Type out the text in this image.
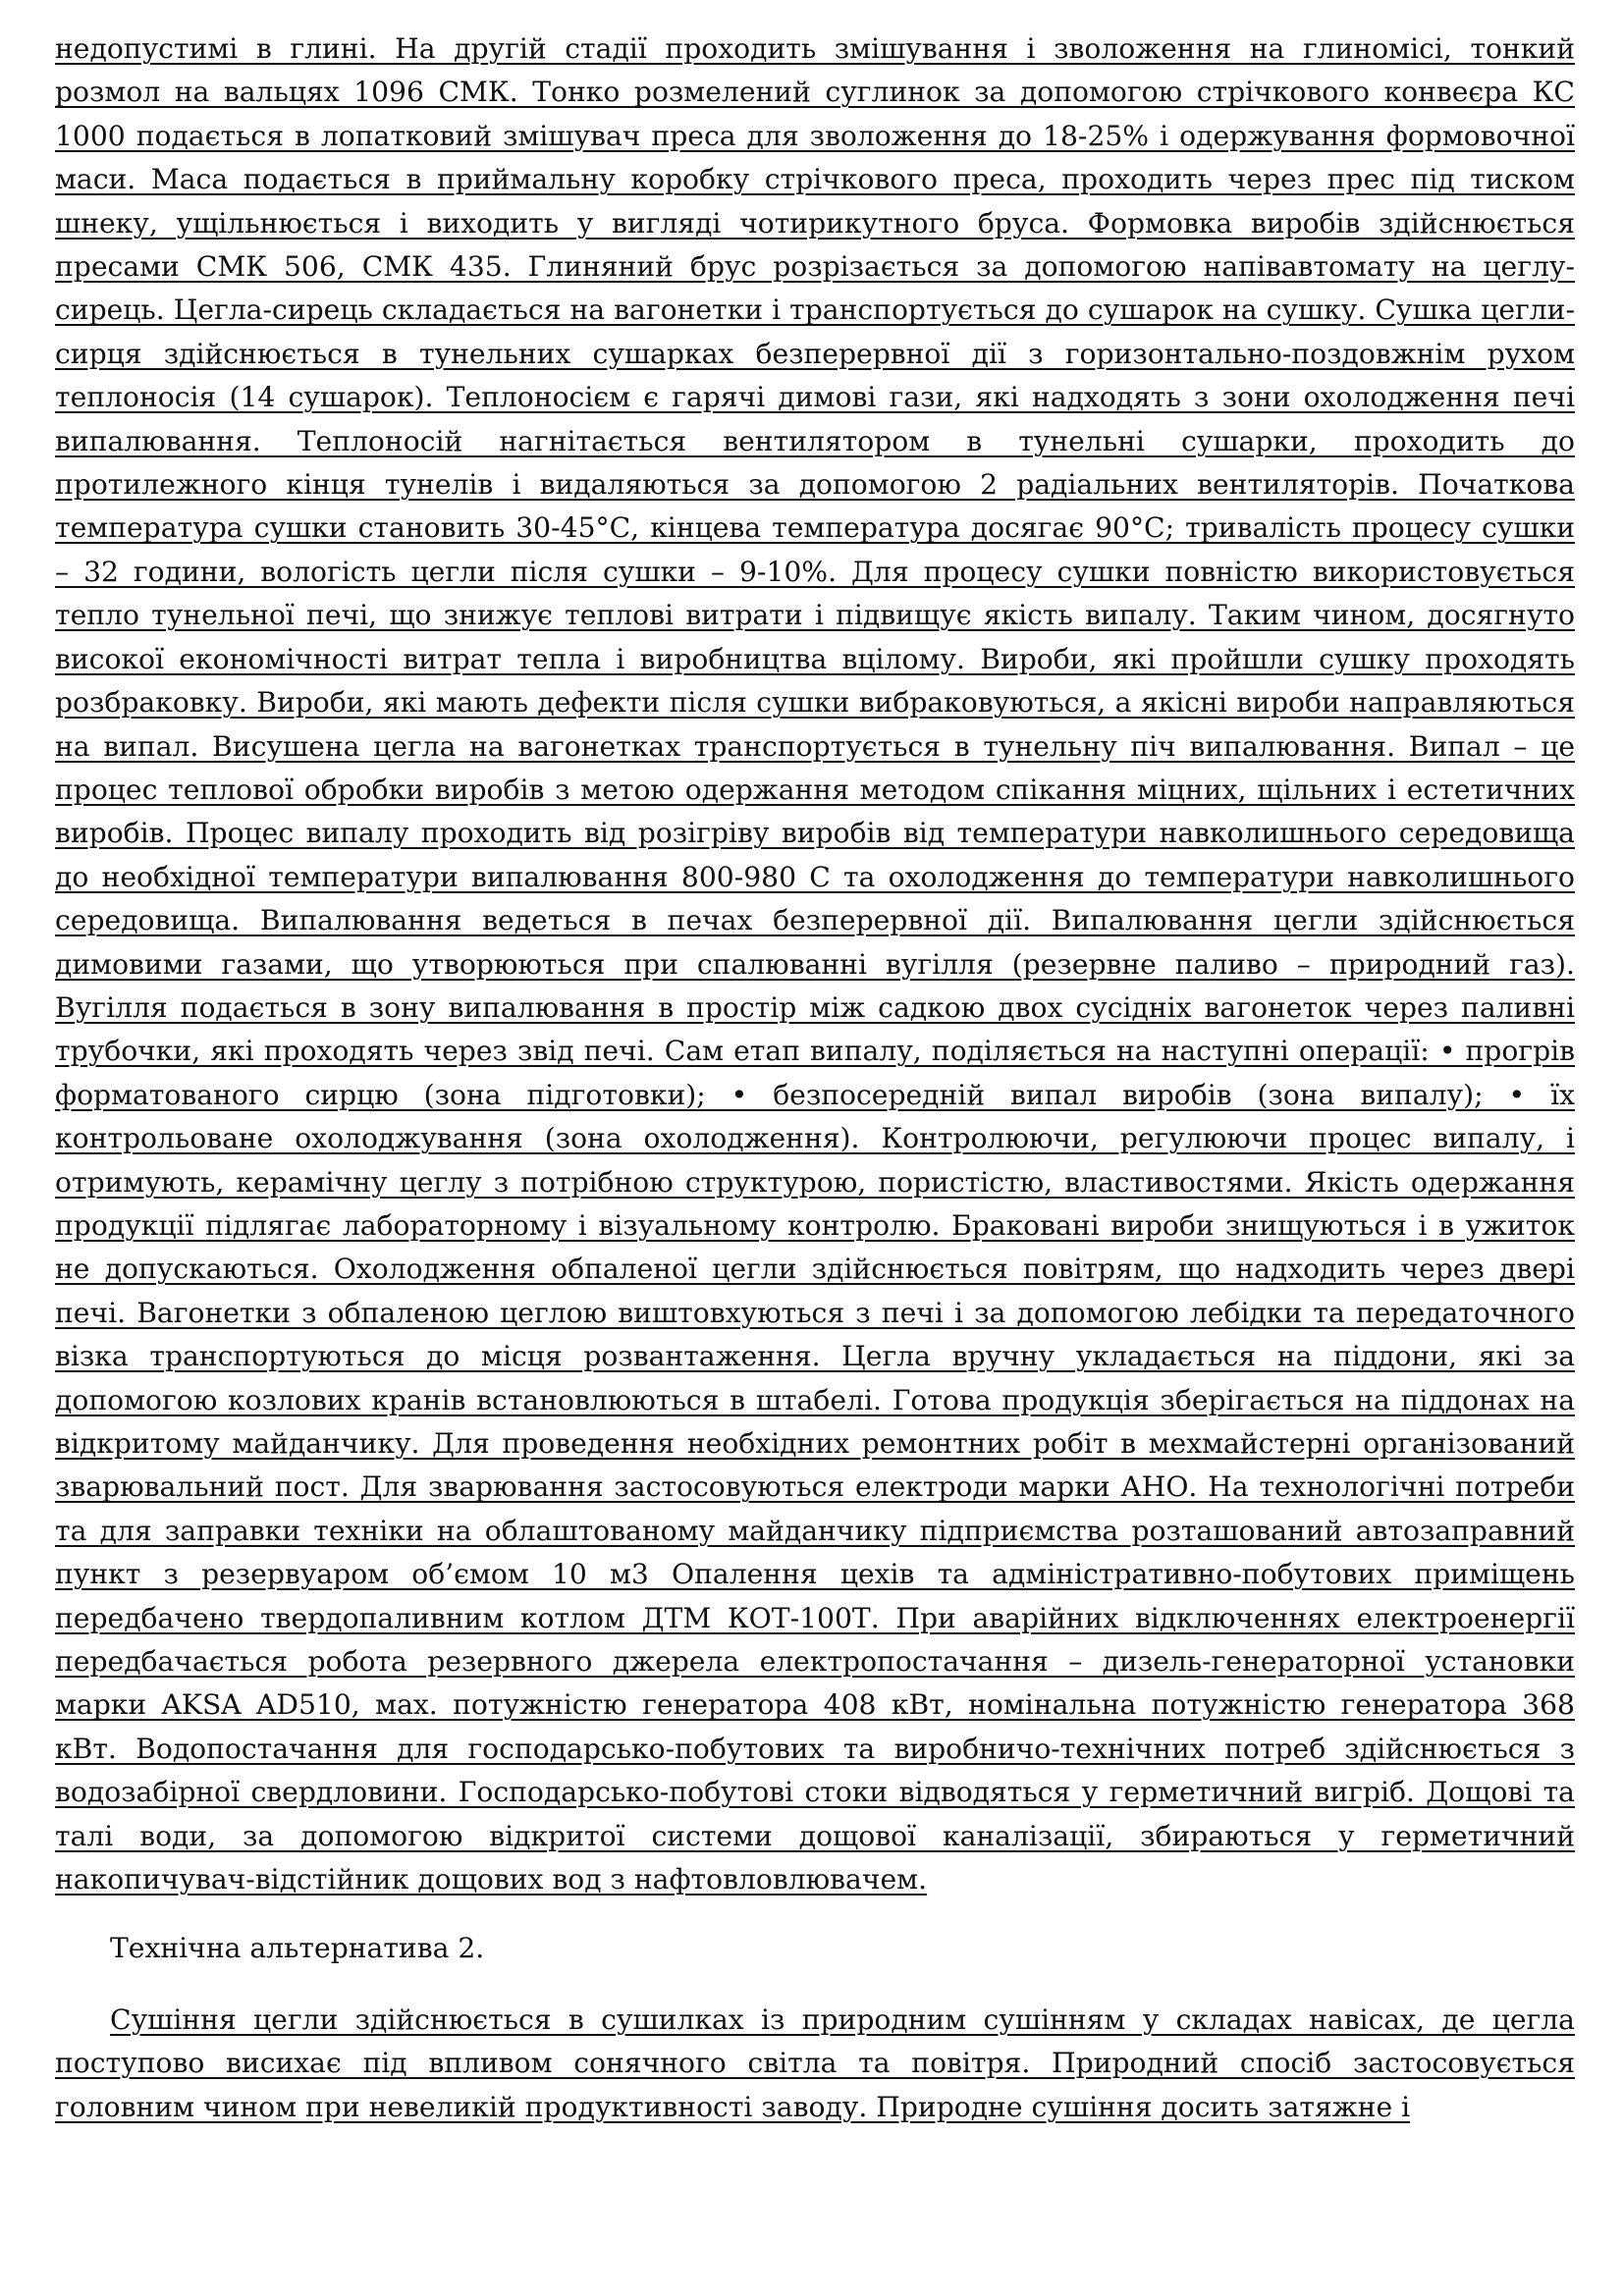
недопустимі в глині. На другій стадії проходить змішування і зволоження на глиномісі, тонкий розмол на вальцях 1096 СМК. Тонко розмелений суглинок за допомогою стрічкового конвеєра КС 1000 подається в лопатковий змішувач преса для зволоження до 18-25% і одержування формовочної маси. Маса подається в приймальну коробку стрічкового преса, проходить через прес під тиском шнеку, ущільнюється і виходить у вигляді чотирикутного бруса. Формовка виробів здійснюється пресами СМК 506, СМК 435. Глиняний брус розрізається за допомогою напівавтомату на цеглу-сирець. Цегла-сирець складається на вагонетки і транспортується до сушарок на сушку. Сушка цегли-сирця здійснюється в тунельних сушарках безперервної дії з горизонтально-поздовжнім рухом теплоносія (14 сушарок). Теплоносієм є гарячі димові гази, які надходять з зони охолодження печі випалювання. Теплоносій нагнітається вентилятором в тунельні сушарки, проходить до протилежного кінця тунелів і видаляються за допомогою 2 радіальних вентиляторів. Початкова температура сушки становить 30-45°С, кінцева температура досягає 90°С; тривалість процесу сушки – 32 години, вологість цегли після сушки – 9-10%. Для процесу сушки повністю використовується тепло тунельної печі, що знижує теплові витрати і підвищує якість випалу. Таким чином, досягнуто високої економічності витрат тепла і виробництва вцілому. Вироби, які пройшли сушку проходять розбраковку. Вироби, які мають дефекти після сушки вибраковуються, а якісні вироби направляються на випал. Висушена цегла на вагонетках транспортується в тунельну піч випалювання. Випал – це процес теплової обробки виробів з метою одержання методом спікання міцних, щільних і естетичних виробів. Процес випалу проходить від розігріву виробів від температури навколишнього середовища до необхідної температури випалювання 800-980 С та охолодження до температури навколишнього середовища. Випалювання ведеться в печах безперервної дії. Випалювання цегли здійснюється димовими газами, що утворюються при спалюванні вугілля (резервне паливо – природний газ). Вугілля подається в зону випалювання в простір між садкою двох сусідніх вагонеток через паливні трубочки, які проходять через звід печі. Сам етап випалу, поділяється на наступні операції: • прогрів форматованого сирцю (зона підготовки); • безпосередній випал виробів (зона випалу); • їх контрольоване охолоджування (зона охолодження). Контролюючи, регулюючи процес випалу, і отримують, керамічну цеглу з потрібною структурою, пористістю, властивостями. Якість одержання продукції підлягає лабораторному і візуальному контролю. Браковані вироби знищуються і в ужиток не допускаються. Охолодження обпаленої цегли здійснюється повітрям, що надходить через двері печі. Вагонетки з обпаленою цеглою виштовхуються з печі і за допомогою лебідки та передаточного візка транспортуються до місця розвантаження. Цегла вручну укладається на піддони, які за допомогою козлових кранів встановлюються в штабелі. Готова продукція зберігається на піддонах на відкритому майданчику. Для проведення необхідних ремонтних робіт в мехмайстерні організований зварювальний пост. Для зварювання застосовуються електроди марки АНО. На технологічні потреби та для заправки техніки на облаштованому майданчику підприємства розташований автозаправний пункт з резервуаром об’ємом 10 м3 Опалення цехів та адміністративно-побутових приміщень передбачено твердопаливним котлом ДТМ КОТ-100Т. При аварійних відключеннях електроенергії передбачається робота резервного джерела електропостачання – дизель-генераторної установки марки AKSA AD510, мах. потужністю генератора 408 кВт, номінальна потужністю генератора 368 кВт. Водопостачання для господарсько-побутових та виробничо-технічних потреб здійснюється з водозабірної свердловини. Господарсько-побутові стоки відводяться у герметичний вигріб. Дощові та талі води, за допомогою відкритої системи дощової каналізації, збираються у герметичний накопичувач-відстійник дощових вод з нафтовловлювачем.

Технічна альтернатива 2.

Сушіння цегли здійснюється в сушилках із природним сушінням у складах навісах, де цегла поступово висихає під впливом сонячного світла та повітря. Природний спосіб застосовується головним чином при невеликій продуктивності заводу. Природне сушіння досить затяжне і
